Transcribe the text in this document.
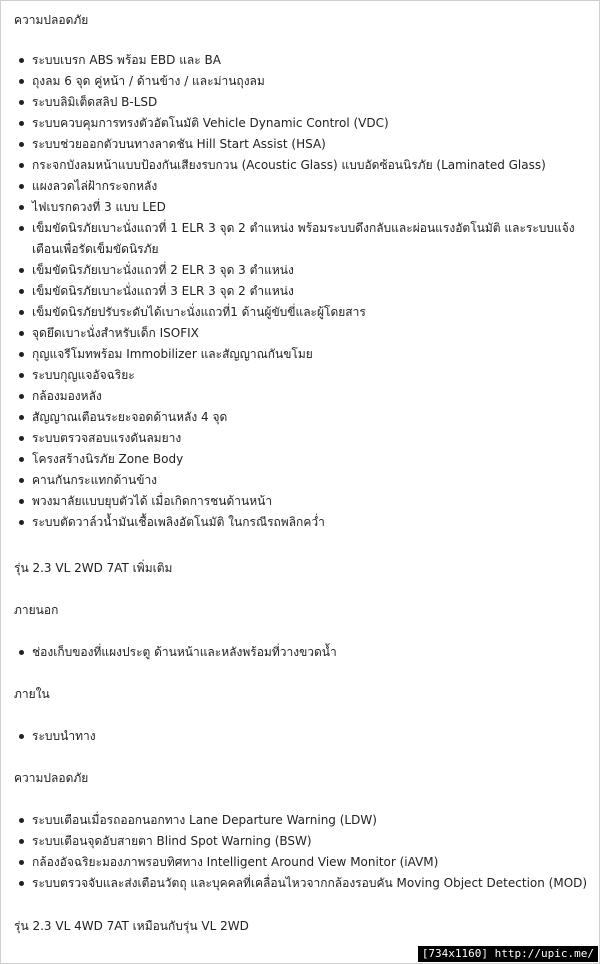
ความปลอดภัย
ระบบเบรก ABS พร้อม EBD และ BA
ถุงลม 6 จุด คู่หน้า / ด้านข้าง / และม่านถุงลม
ระบบลิมิเต็ดสลิป B-LSD
ระบบควบคุมการทรงตัวอัตโนมัติ Vehicle Dynamic Control (VDC)
ระบบช่วยออกตัวบนทางลาดชัน Hill Start Assist (HSA)
กระจกบังลมหน้าแบบป้องกันเสียงรบกวน (Acoustic Glass) แบบอัดซ้อนนิรภัย (Laminated Glass)
แผงลวดไล่ฝ้ากระจกหลัง
ไฟเบรกดวงที่ 3 แบบ LED
เข็มขัดนิรภัยเบาะนั่งแถวที่ 1 ELR 3 จุด 2 ตำแหน่ง พร้อมระบบดึงกลับและผ่อนแรงอัตโนมัติ และระบบแจ้งเตือนเพื่อรัดเข็มขัดนิรภัย
เข็มขัดนิรภัยเบาะนั่งแถวที่ 2 ELR 3 จุด 3 ตำแหน่ง
เข็มขัดนิรภัยเบาะนั่งแถวที่ 3 ELR 3 จุด 2 ตำแหน่ง
เข็มขัดนิรภัยปรับระดับได้เบาะนั่งแถวที่1 ด้านผู้ขับขี่และผู้โดยสาร
จุดยึดเบาะนั่งสำหรับเด็ก ISOFIX
กุญแจรีโมทพร้อม Immobilizer และสัญญาณกันขโมย
ระบบกุญแจอัจฉริยะ
กล้องมองหลัง
สัญญาณเตือนระยะจอดด้านหลัง 4 จุด
ระบบตรวจสอบแรงดันลมยาง
โครงสร้างนิรภัย Zone Body
คานกันกระแทกด้านข้าง
พวงมาลัยแบบยุบตัวได้ เมื่อเกิดการชนด้านหน้า
ระบบตัดวาล์วน้ำมันเชื้อเพลิงอัตโนมัติ ในกรณีรถพลิกคว่ำ
รุ่น 2.3 VL 2WD 7AT เพิ่มเติม
ภายนอก
ช่องเก็บของที่แผงประตู ด้านหน้าและหลังพร้อมที่วางขวดน้ำ
ภายใน
ระบบนำทาง
ความปลอดภัย
ระบบเตือนเมื่อรถออกนอกทาง Lane Departure Warning (LDW)
ระบบเตือนจุดอับสายตา Blind Spot Warning (BSW)
กล้องอัจฉริยะมองภาพรอบทิศทาง Intelligent Around View Monitor (iAVM)
ระบบตรวจจับและส่งเตือนวัตถุ และบุคคลที่เคลื่อนไหวจากกล้องรอบคัน Moving Object Detection (MOD)
รุ่น 2.3 VL 4WD 7AT เหมือนกับรุ่น VL 2WD
[734x1160] http://upic.me/
